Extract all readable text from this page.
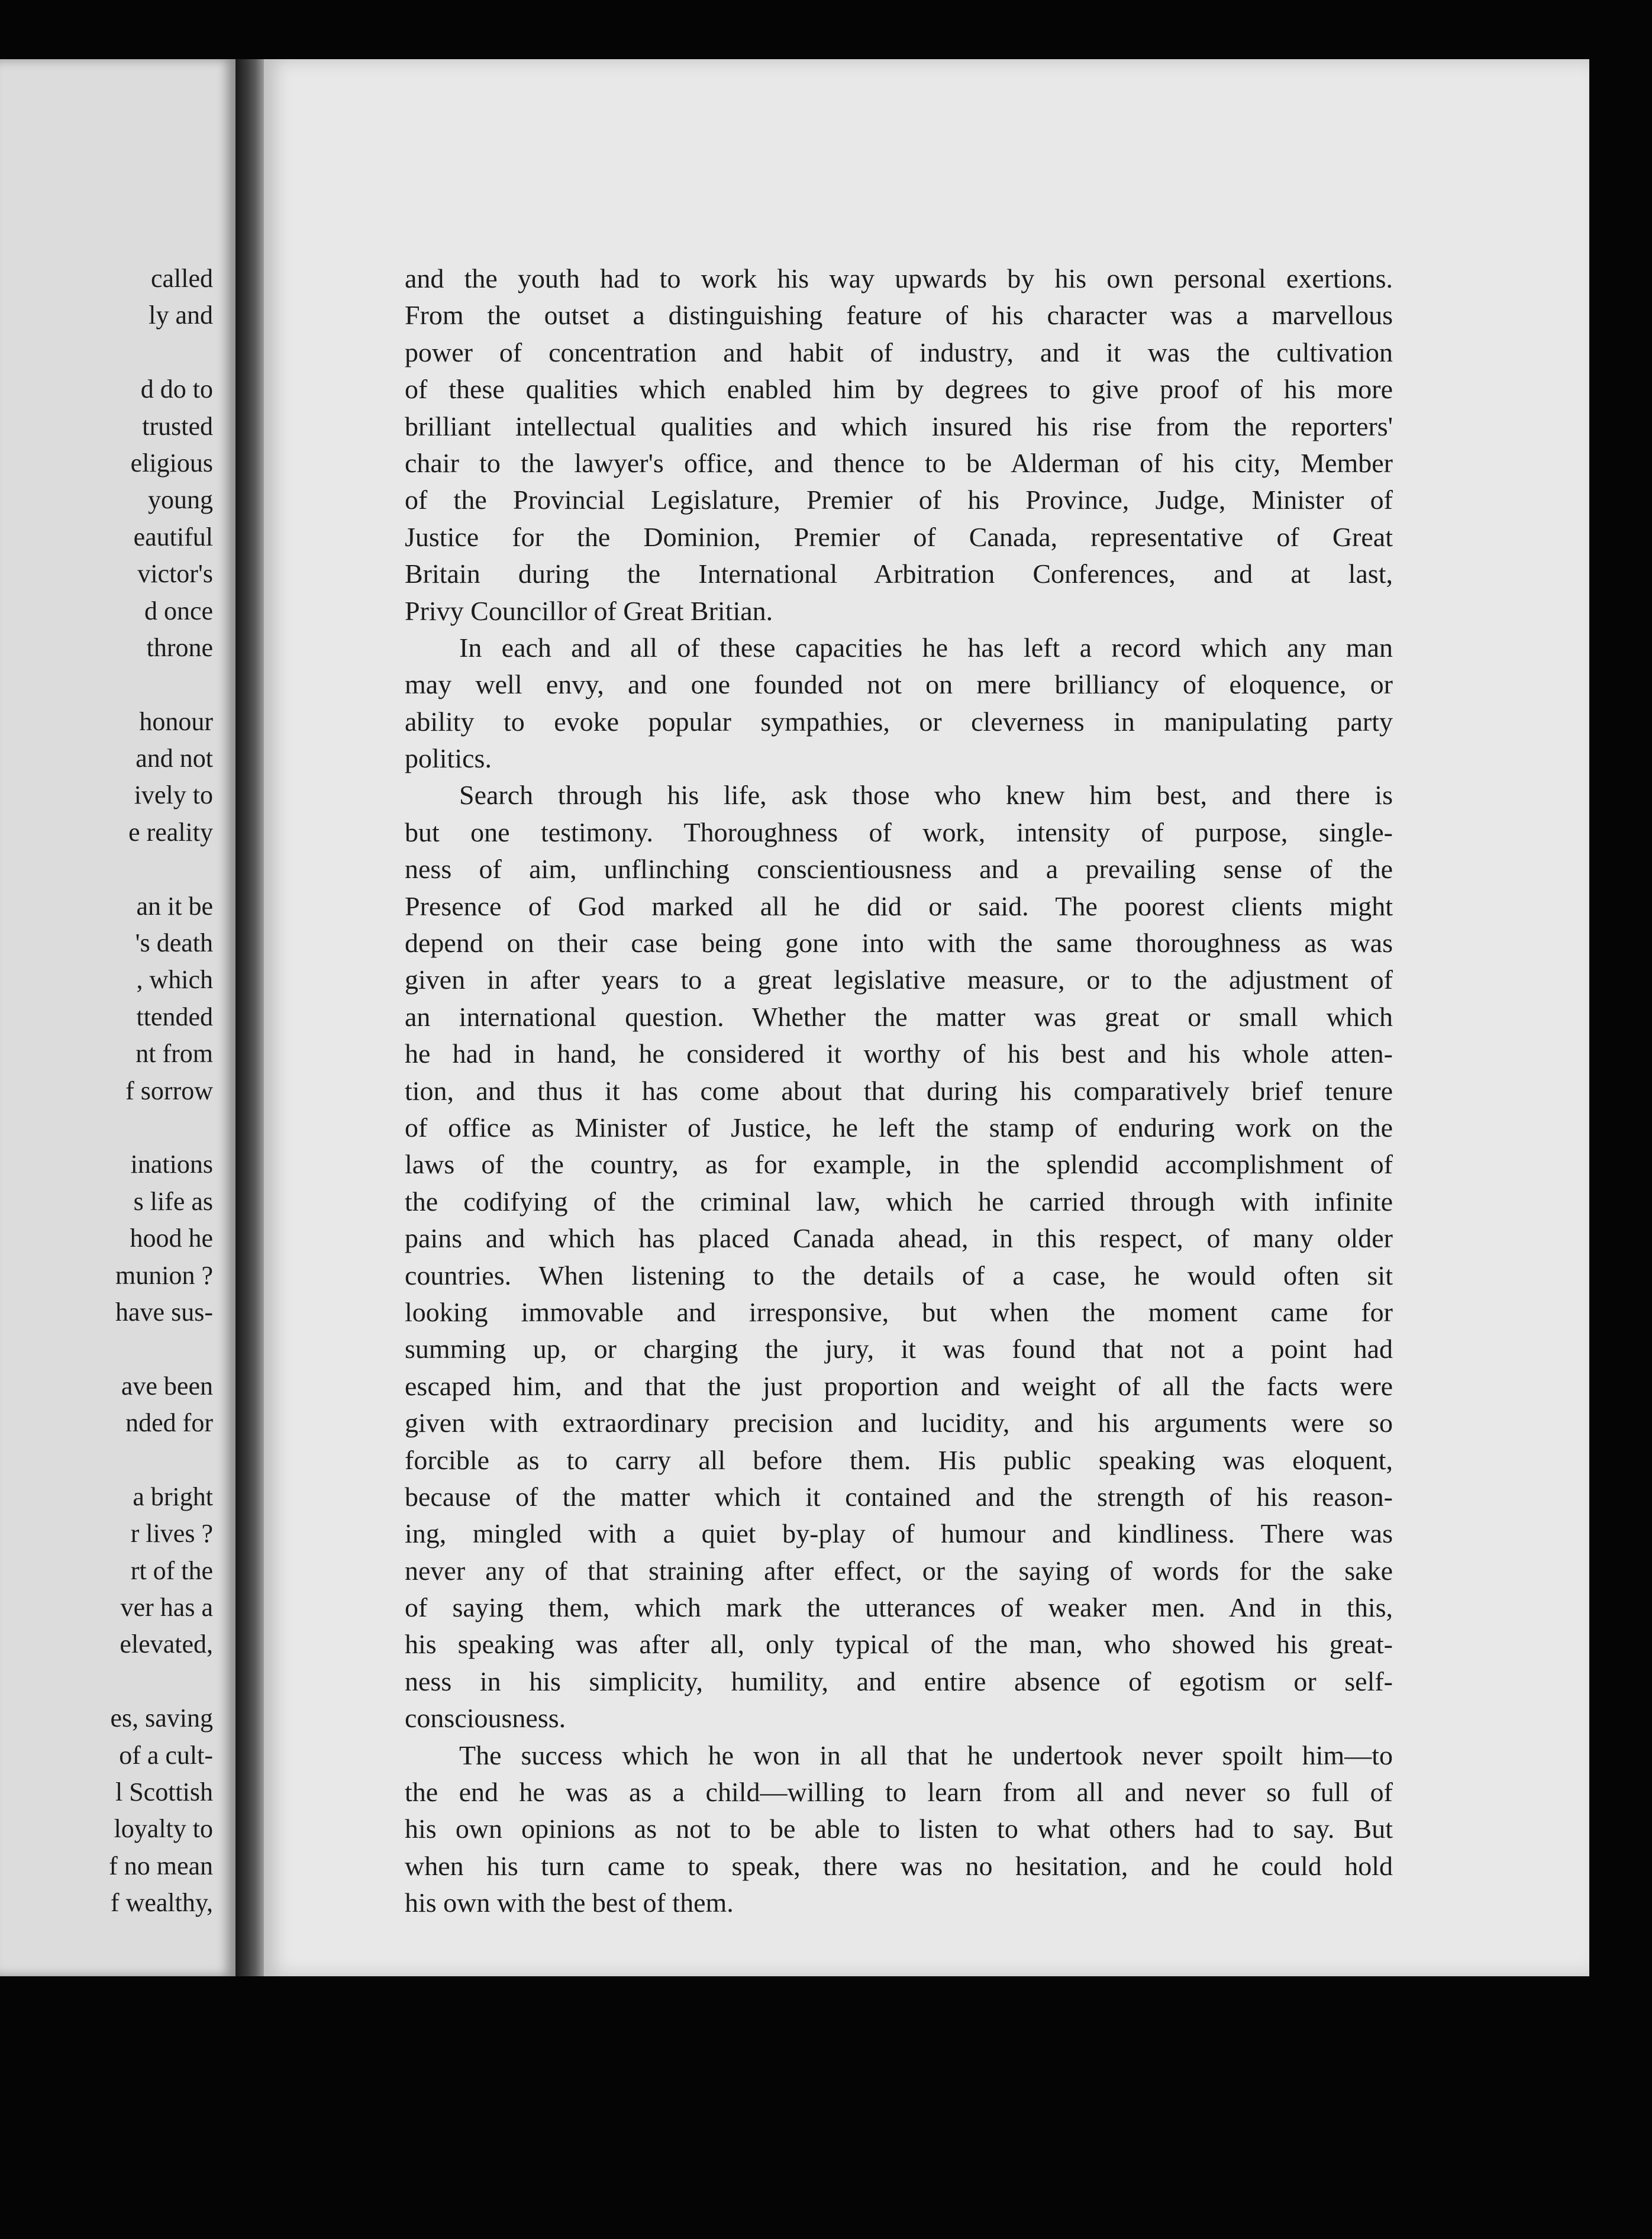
called
ly and
d do to
trusted
eligious
young
eautiful
victor's
d once
throne
honour
and not
ively to
e reality
an it be
's death
, which
ttended
nt from
f sorrow
inations
s life as
hood he
munion ?
have sus-
ave been
nded for
a bright
r lives ?
rt of the
ver has a
elevated,
es, saving
of a cult-
l Scottish
loyalty to
f no mean
f wealthy,
and the youth had to work his way upwards by his own personal exertions.
From the outset a distinguishing feature of his character was a marvellous
power of concentration and habit of industry, and it was the cultivation
of these qualities which enabled him by degrees to give proof of his more
brilliant intellectual qualities and which insured his rise from the reporters'
chair to the lawyer's office, and thence to be Alderman of his city, Member
of the Provincial Legislature, Premier of his Province, Judge, Minister of
Justice for the Dominion, Premier of Canada, representative of Great
Britain during the International Arbitration Conferences, and at last,
Privy Councillor of Great Britian.
In each and all of these capacities he has left a record which any man
may well envy, and one founded not on mere brilliancy of eloquence, or
ability to evoke popular sympathies, or cleverness in manipulating party
politics.
Search through his life, ask those who knew him best, and there is
but one testimony. Thoroughness of work, intensity of purpose, single-
ness of aim, unflinching conscientiousness and a prevailing sense of the
Presence of God marked all he did or said. The poorest clients might
depend on their case being gone into with the same thoroughness as was
given in after years to a great legislative measure, or to the adjustment of
an international question. Whether the matter was great or small which
he had in hand, he considered it worthy of his best and his whole atten-
tion, and thus it has come about that during his comparatively brief tenure
of office as Minister of Justice, he left the stamp of enduring work on the
laws of the country, as for example, in the splendid accomplishment of
the codifying of the criminal law, which he carried through with infinite
pains and which has placed Canada ahead, in this respect, of many older
countries. When listening to the details of a case, he would often sit
looking immovable and irresponsive, but when the moment came for
summing up, or charging the jury, it was found that not a point had
escaped him, and that the just proportion and weight of all the facts were
given with extraordinary precision and lucidity, and his arguments were so
forcible as to carry all before them. His public speaking was eloquent,
because of the matter which it contained and the strength of his reason-
ing, mingled with a quiet by-play of humour and kindliness. There was
never any of that straining after effect, or the saying of words for the sake
of saying them, which mark the utterances of weaker men. And in this,
his speaking was after all, only typical of the man, who showed his great-
ness in his simplicity, humility, and entire absence of egotism or self-
consciousness.
The success which he won in all that he undertook never spoilt him—to
the end he was as a child—willing to learn from all and never so full of
his own opinions as not to be able to listen to what others had to say. But
when his turn came to speak, there was no hesitation, and he could hold
his own with the best of them.
